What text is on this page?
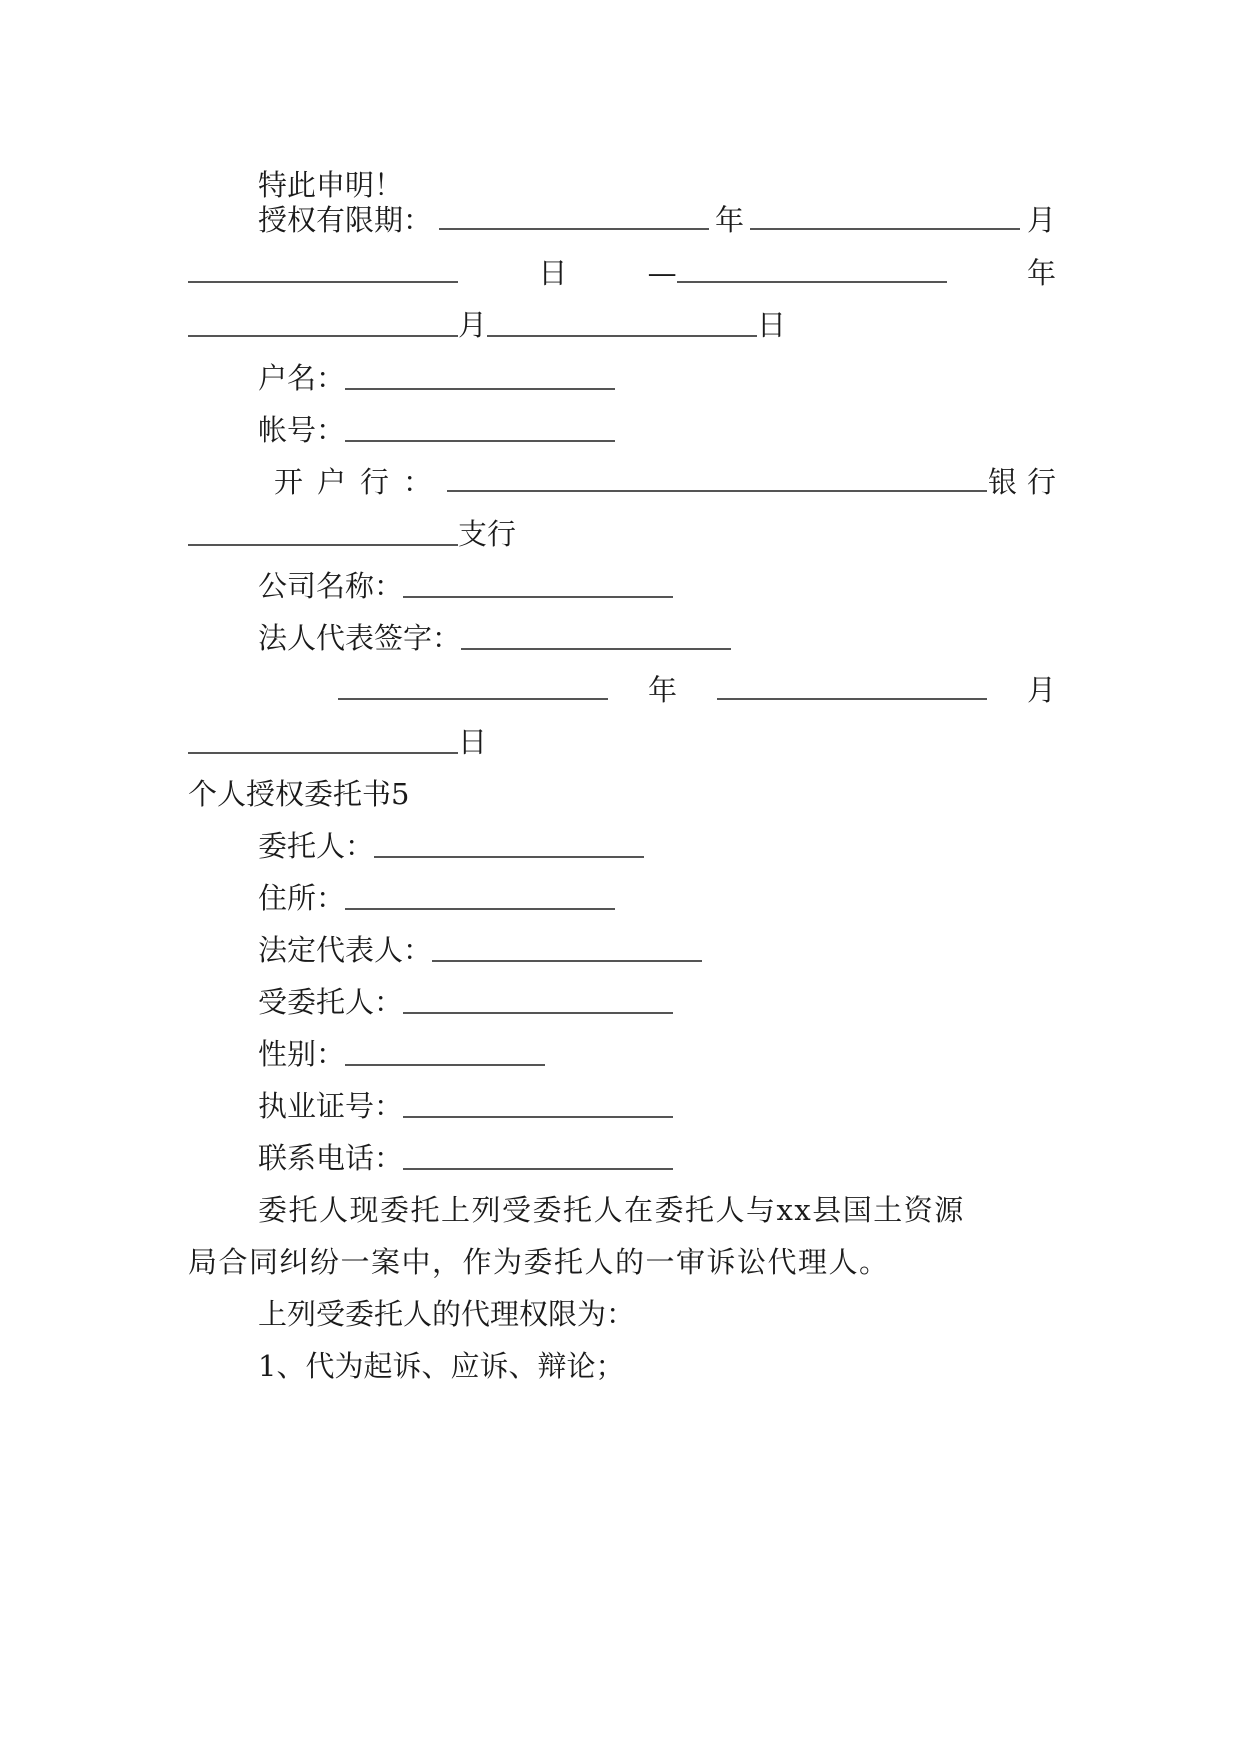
特此申明！
授权有限期：	年	月
日	—	年
月	日
户名：
帐号：
开户行：	银行
支行
公司名称：
法人代表签字：
年	月
日
个人授权委托书5
委托人：
住所：
法定代表人：
受委托人：
性别：
执业证号：
联系电话：
委托人现委托上列受委托人在委托人与xx县国土资源
局合同纠纷一案中，作为委托人的一审诉讼代理人。
上列受委托人的代理权限为：
1、代为起诉、应诉、辩论；
